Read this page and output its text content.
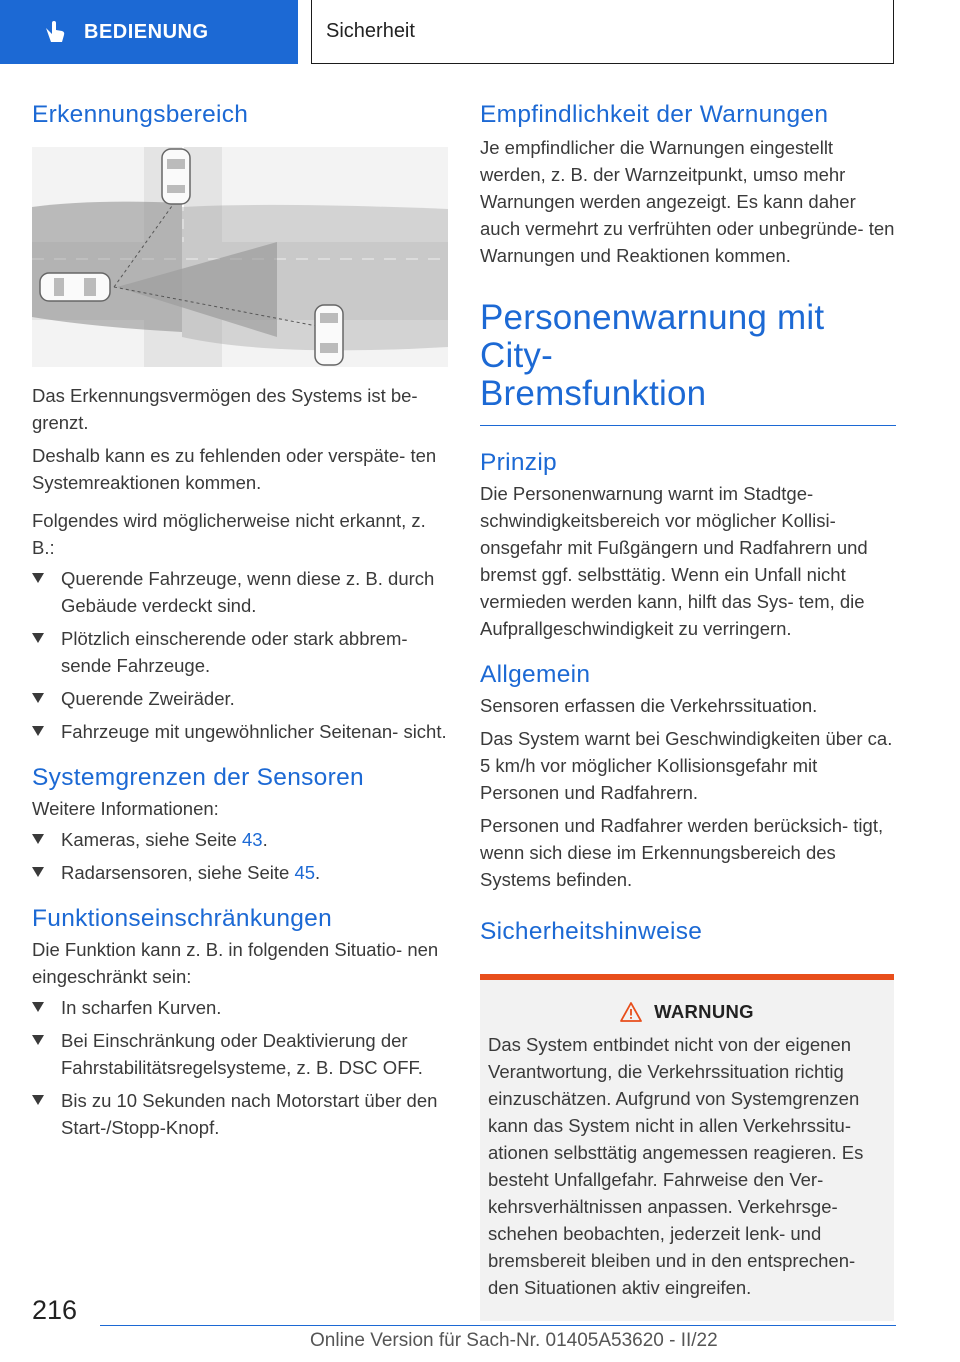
BEDIENUNG	Sicherheit
Erkennungsbereich

Das Erkennungsvermögen des Systems ist be- grenzt.

Deshalb kann es zu fehlenden oder verspäte- ten Systemreaktionen kommen.

Folgendes wird möglicherweise nicht erkannt, z. B.:

Querende Fahrzeuge, wenn diese z. B. durch Gebäude verdeckt sind.
Plötzlich einscherende oder stark abbrem- sende Fahrzeuge.
Querende Zweiräder.
Fahrzeuge mit ungewöhnlicher Seitenan- sicht.
Systemgrenzen der Sensoren

Weitere Informationen:

Kameras, siehe Seite 43.
Radarsensoren, siehe Seite 45.
Funktionseinschränkungen

Die Funktion kann z. B. in folgenden Situatio- nen eingeschränkt sein:

In scharfen Kurven.
Bei Einschränkung oder Deaktivierung der Fahrstabilitätsregelsysteme, z. B. DSC OFF.
Bis zu 10 Sekunden nach Motorstart über den Start-/Stopp-Knopf.
Empfindlichkeit der Warnungen

Je empfindlicher die Warnungen eingestellt werden, z. B. der Warnzeitpunkt, umso mehr Warnungen werden angezeigt. Es kann daher auch vermehrt zu verfrühten oder unbegründe- ten Warnungen und Reaktionen kommen.

Personenwarnung mit City-
Bremsfunktion
Prinzip

Die Personenwarnung warnt im Stadtge- schwindigkeitsbereich vor möglicher Kollisi- onsgefahr mit Fußgängern und Radfahrern und bremst ggf. selbsttätig. Wenn ein Unfall nicht vermieden werden kann, hilft das Sys- tem, die Aufprallgeschwindigkeit zu verringern.

Allgemein

Sensoren erfassen die Verkehrssituation.

Das System warnt bei Geschwindigkeiten über ca. 5 km/h vor möglicher Kollisionsgefahr mit Personen und Radfahrern.

Personen und Radfahrer werden berücksich- tigt, wenn sich diese im Erkennungsbereich des Systems befinden.

Sicherheitshinweise
WARNUNG

Das System entbindet nicht von der eigenen Verantwortung, die Verkehrssituation richtig einzuschätzen. Aufgrund von Systemgrenzen kann das System nicht in allen Verkehrssitu- ationen selbsttätig angemessen reagieren. Es besteht Unfallgefahr. Fahrweise den Ver- kehrsverhältnissen anpassen. Verkehrsge- schehen beobachten, jederzeit lenk- und bremsbereit bleiben und in den entsprechen- den Situationen aktiv eingreifen.

216
Online Version für Sach-Nr. 01405A53620 - II/22
